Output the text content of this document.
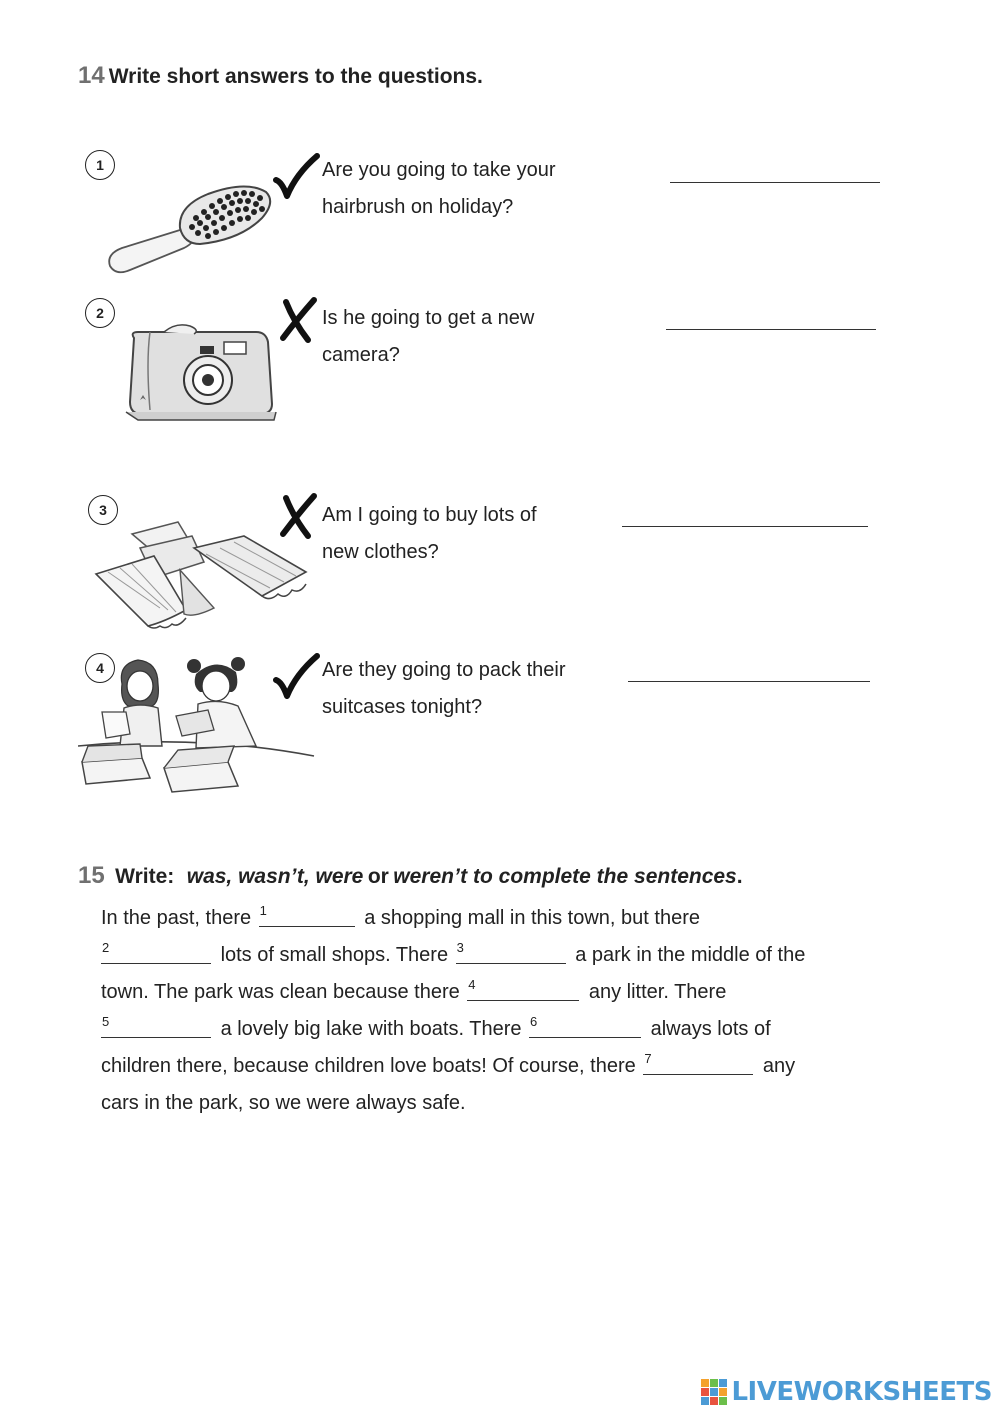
14 Write short answers to the questions.
1	Are you going to take your
hairbrush on holiday?
2	Is he going to get a new
camera?
3	Am I going to buy lots of
new clothes?
4	Are they going to pack their
suitcases tonight?
15 Write: was, wasn’t, were or weren’t to complete the sentences.
In the past, there 1	a shopping mall in this town, but there
2	lots of small shops. There 3	a park in the middle of the
town. The park was clean because there 4	any litter. There
5	a lovely big lake with boats. There 6	always lots of
children there, because children love boats! Of course, there 7	any
cars in the park, so we were always safe.
LIVEWORKSHEETS
